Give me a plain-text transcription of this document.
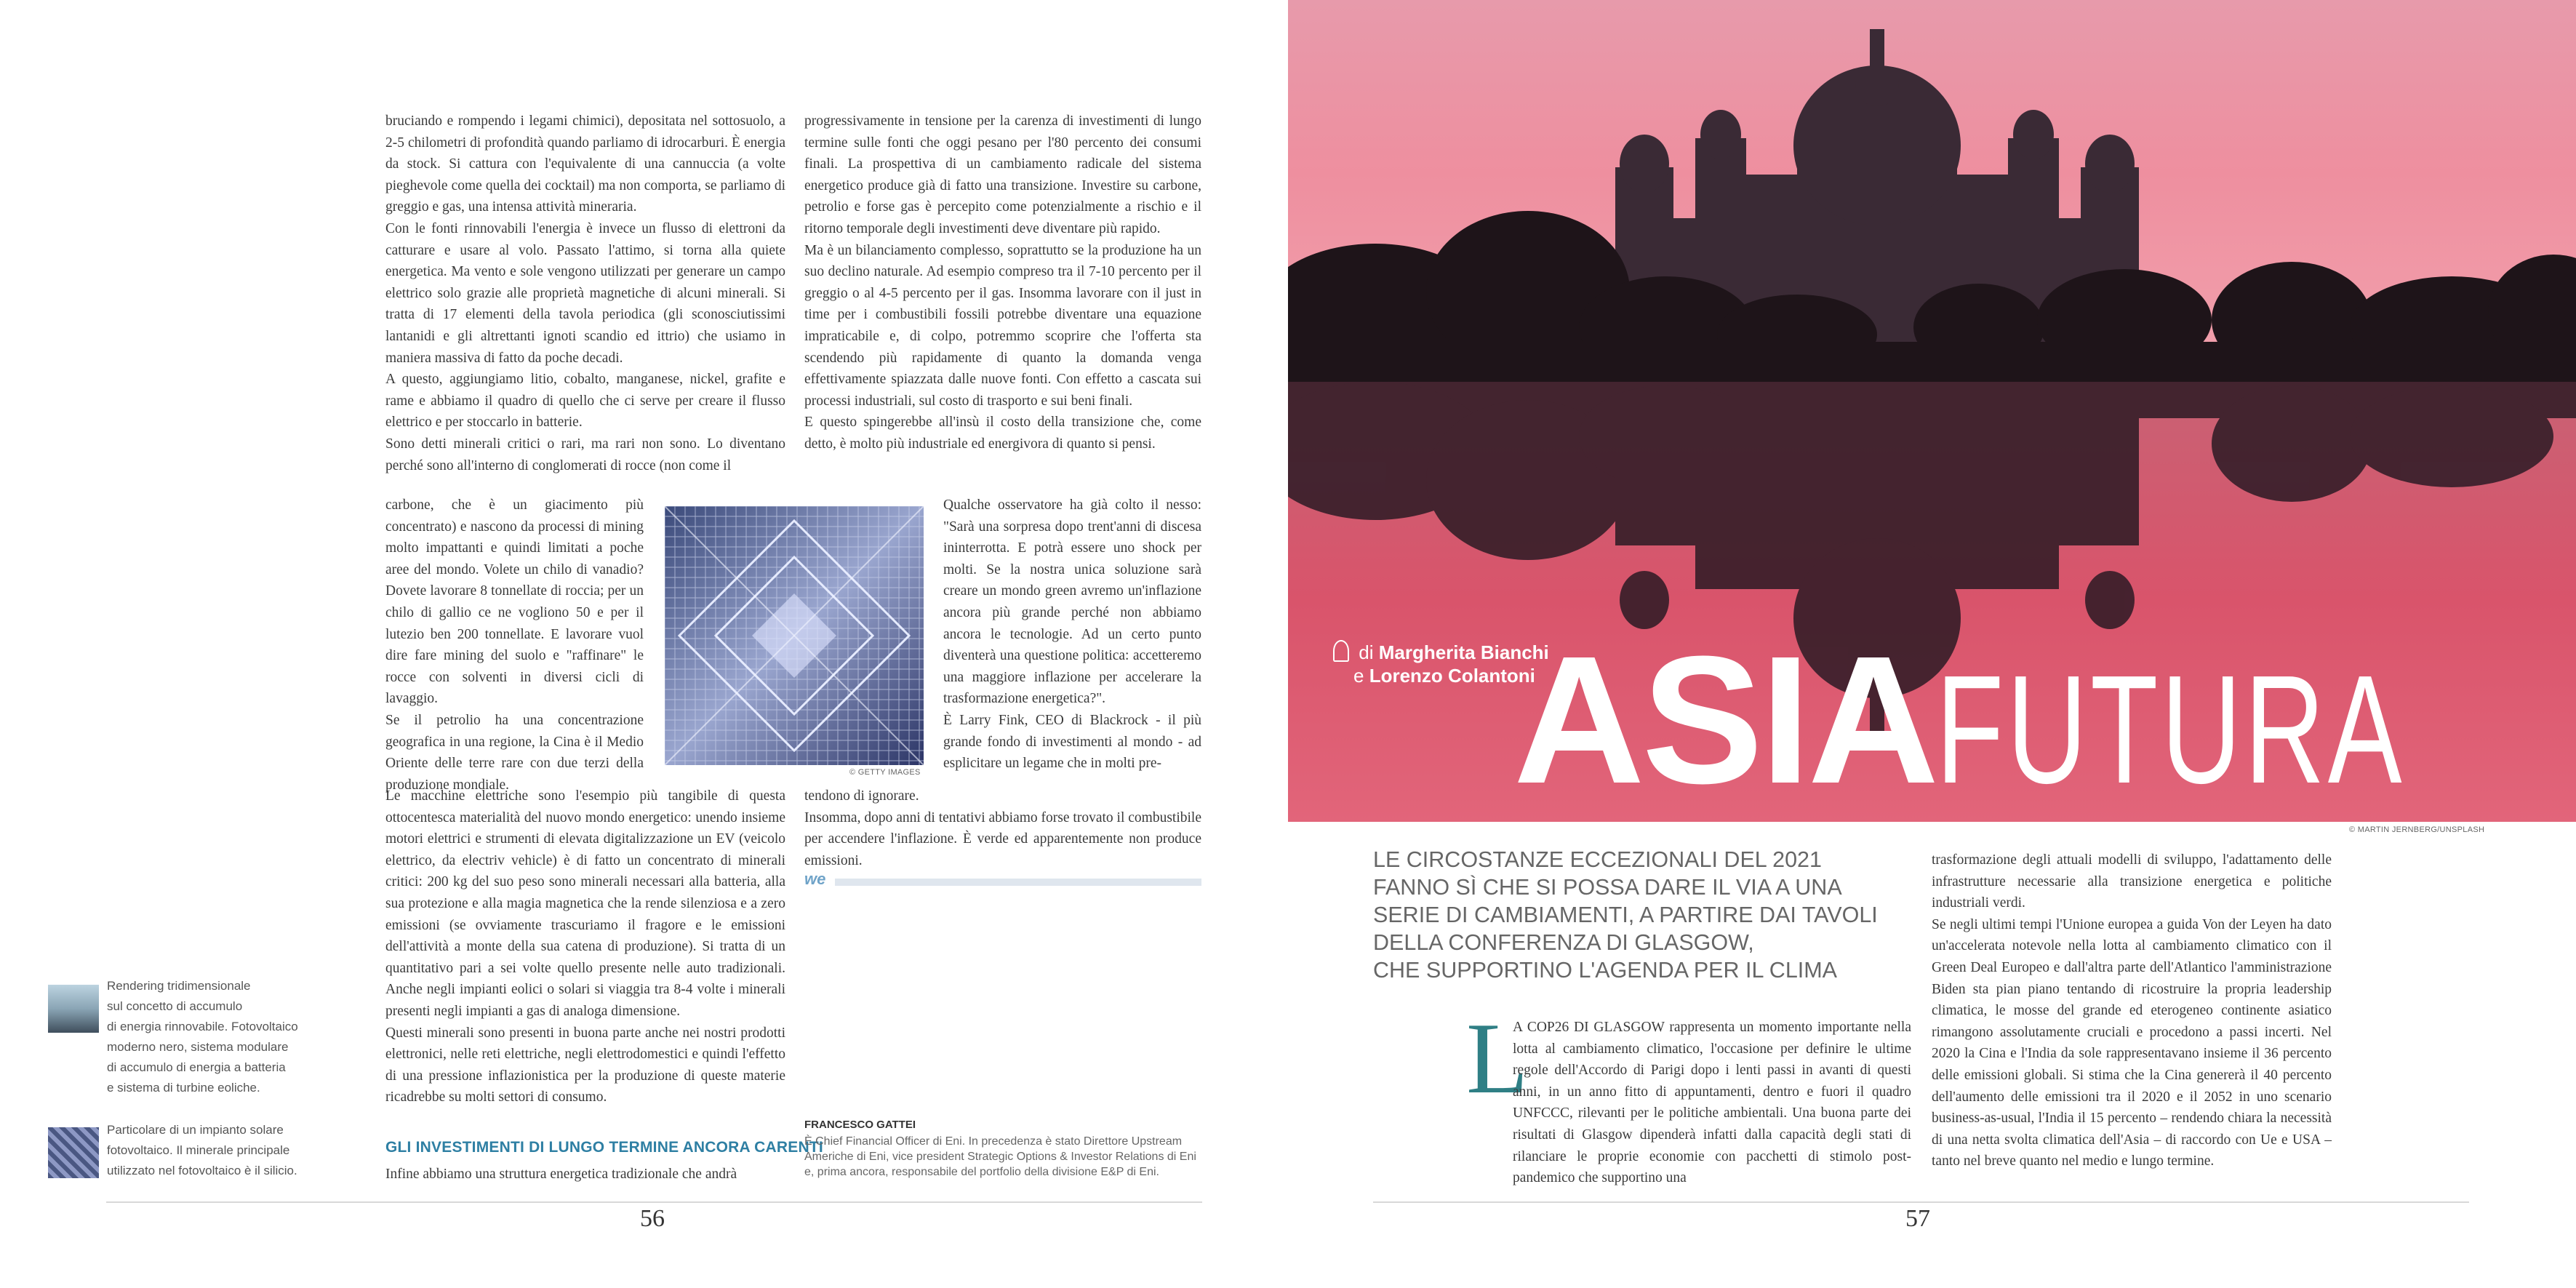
bruciando e rompendo i legami chimici), depositata nel sottosuolo, a 2-5 chilometri di profondità quando parliamo di idrocarburi. È energia da stock. Si cattura con l'equivalente di una cannuccia (a volte pieghevole come quella dei cocktail) ma non comporta, se parliamo di greggio e gas, una intensa attività mineraria.

Con le fonti rinnovabili l'energia è invece un flusso di elettroni da catturare e usare al volo. Passato l'attimo, si torna alla quiete energetica. Ma vento e sole vengono utilizzati per generare un campo elettrico solo grazie alle proprietà magnetiche di alcuni minerali. Si tratta di 17 elementi della tavola periodica (gli sconosciutissimi lantanidi e gli altrettanti ignoti scandio ed ittrio) che usiamo in maniera massiva di fatto da poche decadi.

A questo, aggiungiamo litio, cobalto, manganese, nickel, grafite e rame e abbiamo il quadro di quello che ci serve per creare il flusso elettrico e per stoccarlo in batterie.

Sono detti minerali critici o rari, ma rari non sono. Lo diventano perché sono all'interno di conglomerati di rocce (non come il

carbone, che è un giacimento più concentrato) e nascono da processi di mining molto impattanti e quindi limitati a poche aree del mondo. Volete un chilo di vanadio? Dovete lavorare 8 tonnellate di roccia; per un chilo di gallio ce ne vogliono 50 e per il lutezio ben 200 tonnellate. E lavorare vuol dire fare mining del suolo e "raffinare" le rocce con solventi in diversi cicli di lavaggio.

Se il petrolio ha una concentrazione geografica in una regione, la Cina è il Medio Oriente delle terre rare con due terzi della produzione mondiale.

Le macchine elettriche sono l'esempio più tangibile di questa ottocentesca materialità del nuovo mondo energetico: unendo insieme motori elettrici e strumenti di elevata digitalizzazione un EV (veicolo elettrico, da electriv vehicle) è di fatto un concentrato di minerali critici: 200 kg del suo peso sono minerali necessari alla batteria, alla sua protezione e alla magia magnetica che la rende silenziosa e a zero emissioni (se ovviamente trascuriamo il fragore e le emissioni dell'attività a monte della sua catena di produzione). Si tratta di un quantitativo pari a sei volte quello presente nelle auto tradizionali. Anche negli impianti eolici o solari si viaggia tra 8-4 volte i minerali presenti negli impianti a gas di analoga dimensione.

Questi minerali sono presenti in buona parte anche nei nostri prodotti elettronici, nelle reti elettriche, negli elettrodomestici e quindi l'effetto di una pressione inflazionistica per la produzione di queste materie ricadrebbe su molti settori di consumo.

GLI INVESTIMENTI DI LUNGO TERMINE ANCORA CARENTI
Infine abbiamo una struttura energetica tradizionale che andrà
© GETTY IMAGES

progressivamente in tensione per la carenza di investimenti di lungo termine sulle fonti che oggi pesano per l'80 percento dei consumi finali. La prospettiva di un cambiamento radicale del sistema energetico produce già di fatto una transizione. Investire su carbone, petrolio e forse gas è percepito come potenzialmente a rischio e il ritorno temporale degli investimenti deve diventare più rapido.

Ma è un bilanciamento complesso, soprattutto se la produzione ha un suo declino naturale. Ad esempio compreso tra il 7-10 percento per il greggio o al 4-5 percento per il gas. Insomma lavorare con il just in time per i combustibili fossili potrebbe diventare una equazione impraticabile e, di colpo, potremmo scoprire che l'offerta sta scendendo più rapidamente di quanto la domanda venga effettivamente spiazzata dalle nuove fonti. Con effetto a cascata sui processi industriali, sul costo di trasporto e sui beni finali.

E questo spingerebbe all'insù il costo della transizione che, come detto, è molto più industriale ed energivora di quanto si pensi.

Qualche osservatore ha già colto il nesso: "Sarà una sorpresa dopo trent'anni di discesa ininterrotta. E potrà essere uno shock per molti. Se la nostra unica soluzione sarà creare un mondo green avremo un'inflazione ancora più grande perché non abbiamo ancora le tecnologie. Ad un certo punto diventerà una questione politica: accetteremo una maggiore inflazione per accelerare la trasformazione energetica?".

È Larry Fink, CEO di Blackrock - il più grande fondo di investimenti al mondo - ad esplicitare un legame che in molti pre-

tendono di ignorare.

Insomma, dopo anni di tentativi abbiamo forse trovato il combustibile per accendere l'inflazione. È verde ed apparentemente non produce emissioni.

we
FRANCESCO GATTEI
È Chief Financial Officer di Eni. In precedenza è stato Direttore Upstream Americhe di Eni, vice president Strategic Options & Investor Relations di Eni e, prima ancora, responsabile del portfolio della divisione E&P di Eni.
Rendering tridimensionale
sul concetto di accumulo
di energia rinnovabile. Fotovoltaico
moderno nero, sistema modulare
di accumulo di energia a batteria
e sistema di turbine eoliche.
Particolare di un impianto solare
fotovoltaico. Il minerale principale
utilizzato nel fotovoltaico è il silicio.
56
di Margherita Bianchi
e Lorenzo Colantoni
ASIAFUTURA
© MARTIN JERNBERG/UNSPLASH
LE CIRCOSTANZE ECCEZIONALI DEL 2021
FANNO SÌ CHE SI POSSA DARE IL VIA A UNA
SERIE DI CAMBIAMENTI, A PARTIRE DAI TAVOLI
DELLA CONFERENZA DI GLASGOW,
CHE SUPPORTINO L'AGENDA PER IL CLIMA
L
A COP26 DI GLASGOW rappresenta un momento importante nella lotta al cambiamento climatico, l'occasione per definire le ultime regole dell'Accordo di Parigi dopo i lenti passi in avanti di questi anni, in un anno fitto di appuntamenti, dentro e fuori il quadro UNFCCC, rilevanti per le politiche ambientali. Una buona parte dei risultati di Glasgow dipenderà infatti dalla capacità degli stati di rilanciare le proprie economie con pacchetti di stimolo post-pandemico che supportino una

trasformazione degli attuali modelli di sviluppo, l'adattamento delle infrastrutture necessarie alla transizione energetica e politiche industriali verdi.

Se negli ultimi tempi l'Unione europea a guida Von der Leyen ha dato un'accelerata notevole nella lotta al cambiamento climatico con il Green Deal Europeo e dall'altra parte dell'Atlantico l'amministrazione Biden sta pian piano tentando di ricostruire la propria leadership climatica, le mosse del grande ed eterogeneo continente asiatico rimangono assolutamente cruciali e procedono a passi incerti. Nel 2020 la Cina e l'India da sole rappresentavano insieme il 36 percento delle emissioni globali. Si stima che la Cina genererà il 40 percento dell'aumento delle emissioni tra il 2020 e il 2052 in uno scenario business-as-usual, l'India il 15 percento – rendendo chiara la necessità di una netta svolta climatica dell'Asia – di raccordo con Ue e USA – tanto nel breve quanto nel medio e lungo termine.

57
